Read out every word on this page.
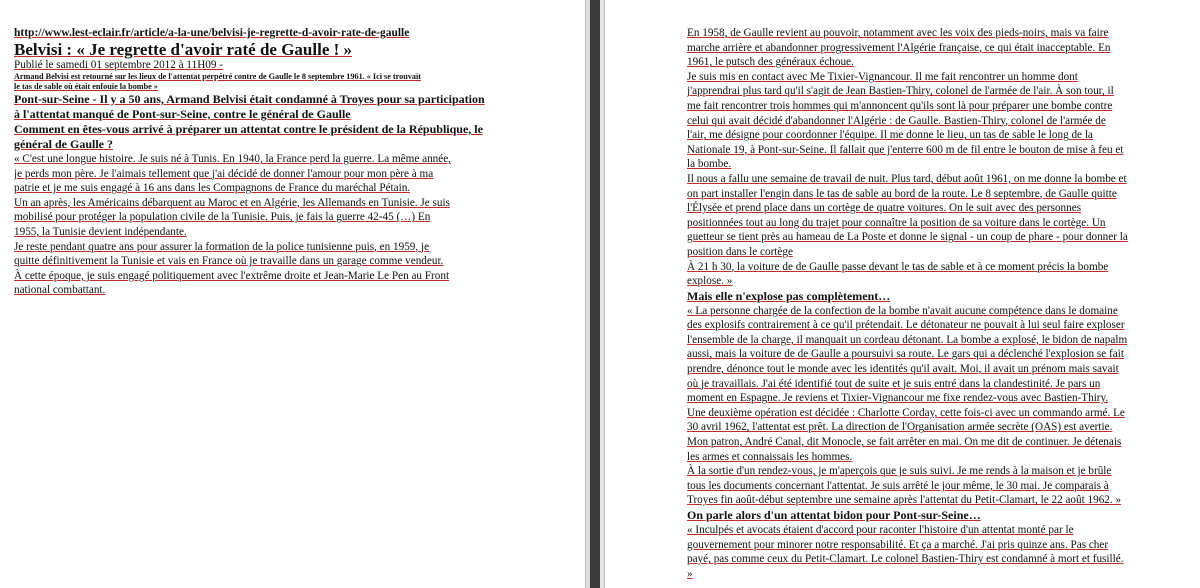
http://www.lest-eclair.fr/article/a-la-une/belvisi-je-regrette-d-avoir-rate-de-gaulle
Belvisi : « Je regrette d'avoir raté de Gaulle ! »
Publié le samedi 01 septembre 2012 à 11H09 -
Armand Belvisi est retourné sur les lieux de l'attentat perpétré contre de Gaulle le 8 septembre 1961. « Ici se trouvait
le tas de sable où était enfouie la bombe »
Pont-sur-Seine - Il y a 50 ans, Armand Belvisi était condamné à Troyes pour sa participation
à l'attentat manqué de Pont-sur-Seine, contre le général de Gaulle
Comment en êtes-vous arrivé à préparer un attentat contre le président de la République, le
général de Gaulle ?
« C'est une longue histoire. Je suis né à Tunis. En 1940, la France perd la guerre. La même année,
je perds mon père. Je l'aimais tellement que j'ai décidé de donner l'amour pour mon père à ma
patrie et je me suis engagé à 16 ans dans les Compagnons de France du maréchal Pétain.
Un an après, les Américains débarquent au Maroc et en Algérie, les Allemands en Tunisie. Je suis
mobilisé pour protéger la population civile de la Tunisie. Puis, je fais la guerre 42-45 (…) En
1955, la Tunisie devient indépendante.
Je reste pendant quatre ans pour assurer la formation de la police tunisienne puis, en 1959, je
quitte définitivement la Tunisie et vais en France où je travaille dans un garage comme vendeur.
À cette époque, je suis engagé politiquement avec l'extrême droite et Jean-Marie Le Pen au Front
national combattant.
En 1958, de Gaulle revient au pouvoir, notamment avec les voix des pieds-noirs, mais va faire
marche arrière et abandonner progressivement l'Algérie française, ce qui était inacceptable. En
1961, le putsch des généraux échoue.
Je suis mis en contact avec Me Tixier-Vignancour. Il me fait rencontrer un homme dont
j'apprendrai plus tard qu'il s'agit de Jean Bastien-Thiry, colonel de l'armée de l'air. À son tour, il
me fait rencontrer trois hommes qui m'annoncent qu'ils sont là pour préparer une bombe contre
celui qui avait décidé d'abandonner l'Algérie : de Gaulle. Bastien-Thiry, colonel de l'armée de
l'air, me désigne pour coordonner l'équipe. Il me donne le lieu, un tas de sable le long de la
Nationale 19, à Pont-sur-Seine. Il fallait que j'enterre 600 m de fil entre le bouton de mise à feu et
la bombe.
Il nous a fallu une semaine de travail de nuit. Plus tard, début août 1961, on me donne la bombe et
on part installer l'engin dans le tas de sable au bord de la route. Le 8 septembre, de Gaulle quitte
l'Élysée et prend place dans un cortège de quatre voitures. On le suit avec des personnes
positionnées tout au long du trajet pour connaître la position de sa voiture dans le cortège. Un
guetteur se tient près au hameau de La Poste et donne le signal - un coup de phare - pour donner la
position dans le cortège
À 21 h 30, la voiture de de Gaulle passe devant le tas de sable et à ce moment précis la bombe
explose. »
Mais elle n'explose pas complètement…
« La personne chargée de la confection de la bombe n'avait aucune compétence dans le domaine
des explosifs contrairement à ce qu'il prétendait. Le détonateur ne pouvait à lui seul faire exploser
l'ensemble de la charge, il manquait un cordeau détonant. La bombe a explosé, le bidon de napalm
aussi, mais la voiture de de Gaulle a poursuivi sa route. Le gars qui a déclenché l'explosion se fait
prendre, dénonce tout le monde avec les identités qu'il avait. Moi, il avait un prénom mais savait
où je travaillais. J'ai été identifié tout de suite et je suis entré dans la clandestinité. Je pars un
moment en Espagne. Je reviens et Tixier-Vignancour me fixe rendez-vous avec Bastien-Thiry.
Une deuxième opération est décidée : Charlotte Corday, cette fois-ci avec un commando armé. Le
30 avril 1962, l'attentat est prêt. La direction de l'Organisation armée secrète (OAS) est avertie.
Mon patron, André Canal, dit Monocle, se fait arrêter en mai. On me dit de continuer. Je détenais
les armes et connaissais les hommes.
À la sortie d'un rendez-vous, je m'aperçois que je suis suivi. Je me rends à la maison et je brûle
tous les documents concernant l'attentat. Je suis arrêté le jour même, le 30 mai. Je comparais à
Troyes fin août-début septembre une semaine après l'attentat du Petit-Clamart, le 22 août 1962. »
On parle alors d'un attentat bidon pour Pont-sur-Seine…
« Inculpés et avocats étaient d'accord pour raconter l'histoire d'un attentat monté par le
gouvernement pour minorer notre responsabilité. Et ça a marché. J'ai pris quinze ans. Pas cher
payé, pas comme ceux du Petit-Clamart. Le colonel Bastien-Thiry est condamné à mort et fusillé.
»
